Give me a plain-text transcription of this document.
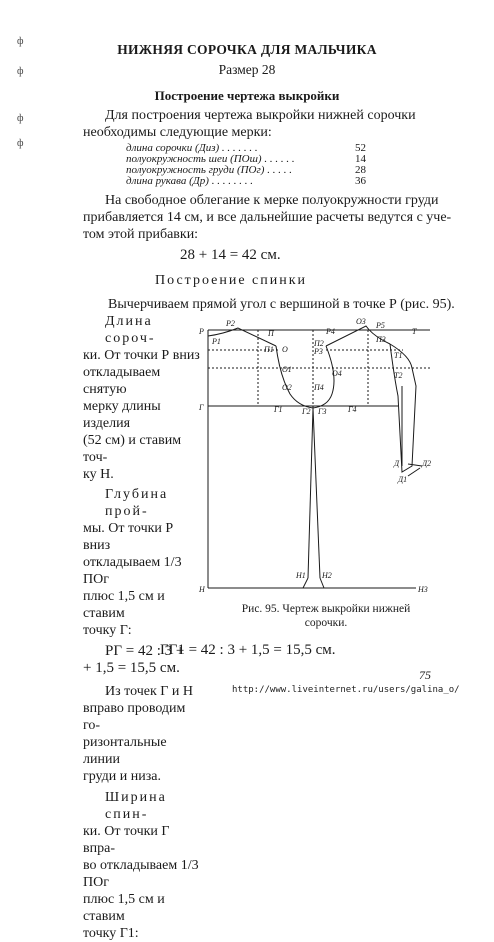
ф
ф
ф
ф
НИЖНЯЯ СОРОЧКА ДЛЯ МАЛЬЧИКА
Размер 28
Построение чертежа выкройки
Для построения чертежа выкройки нижней сорочки
необходимы следующие мерки:
длина сорочки (Диз) . . . . . . .	52
полуокружность шеи (ПОш) . . . . . .	14
полуокружность груди (ПОг) . . . . .	28
длина рукава (Др) . . . . . . . .	36
На свободное облегание к мерке полуокружности груди
прибавляется 14 см, и все дальнейшие расчеты ведутся с уче-
том этой прибавки:
28 + 14 = 42 см.
Построение спинки
Вычерчиваем прямой угол с вершиной в точке Р (рис. 95).
Длина сороч-
ки. От точки Р вниз
откладываем снятую
мерку длины изделия
(52 см) и ставим точ-
ку Н.
Глубина прой-
мы. От точки Р вниз
откладываем 1/3 ПОг
плюс 1,5 см и ставим
точку Г:
РГ = 42 : 3 +
+ 1,5 = 15,5 см.
Из точек Г и Н
вправо проводим го-
ризонтальные линии
груди и низа.
Ширина спин-
ки. От точки Г впра-
во откладываем 1/3 ПОг
плюс 1,5 см и ставим
точку Г1:
Р
Р2
Р1
П
П1 О
О1
О2
Р4
П2
Р3
О3 Р5
П3
Т
Т1
Т2
О4
П4
Г	Г1 Г2 Г3	Г4
Д	Д2
Д1
Н
Н1 Н2
Н3
Рис. 95. Чертеж выкройки нижней
сорочки.
ГГ1 = 42 : 3 + 1,5 = 15,5 см.
75
http://www.liveinternet.ru/users/galina_o/
